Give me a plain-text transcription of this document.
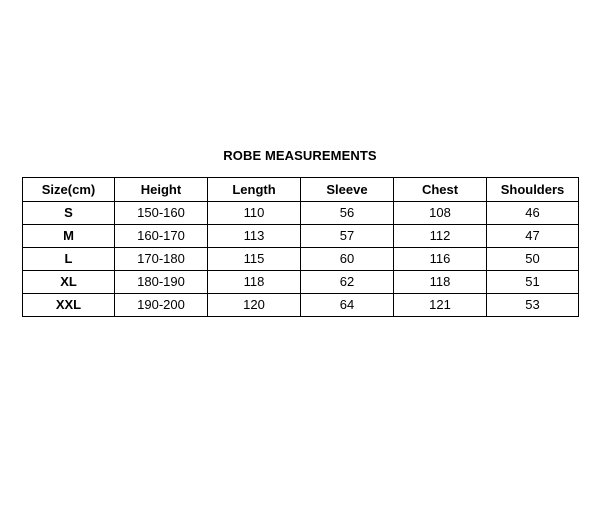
ROBE MEASUREMENTS
Size(cm)	Height	Length	Sleeve	Chest	Shoulders
S	150-160	110	56	108	46
M	160-170	113	57	112	47
L	170-180	115	60	116	50
XL	180-190	118	62	118	51
XXL	190-200	120	64	121	53
